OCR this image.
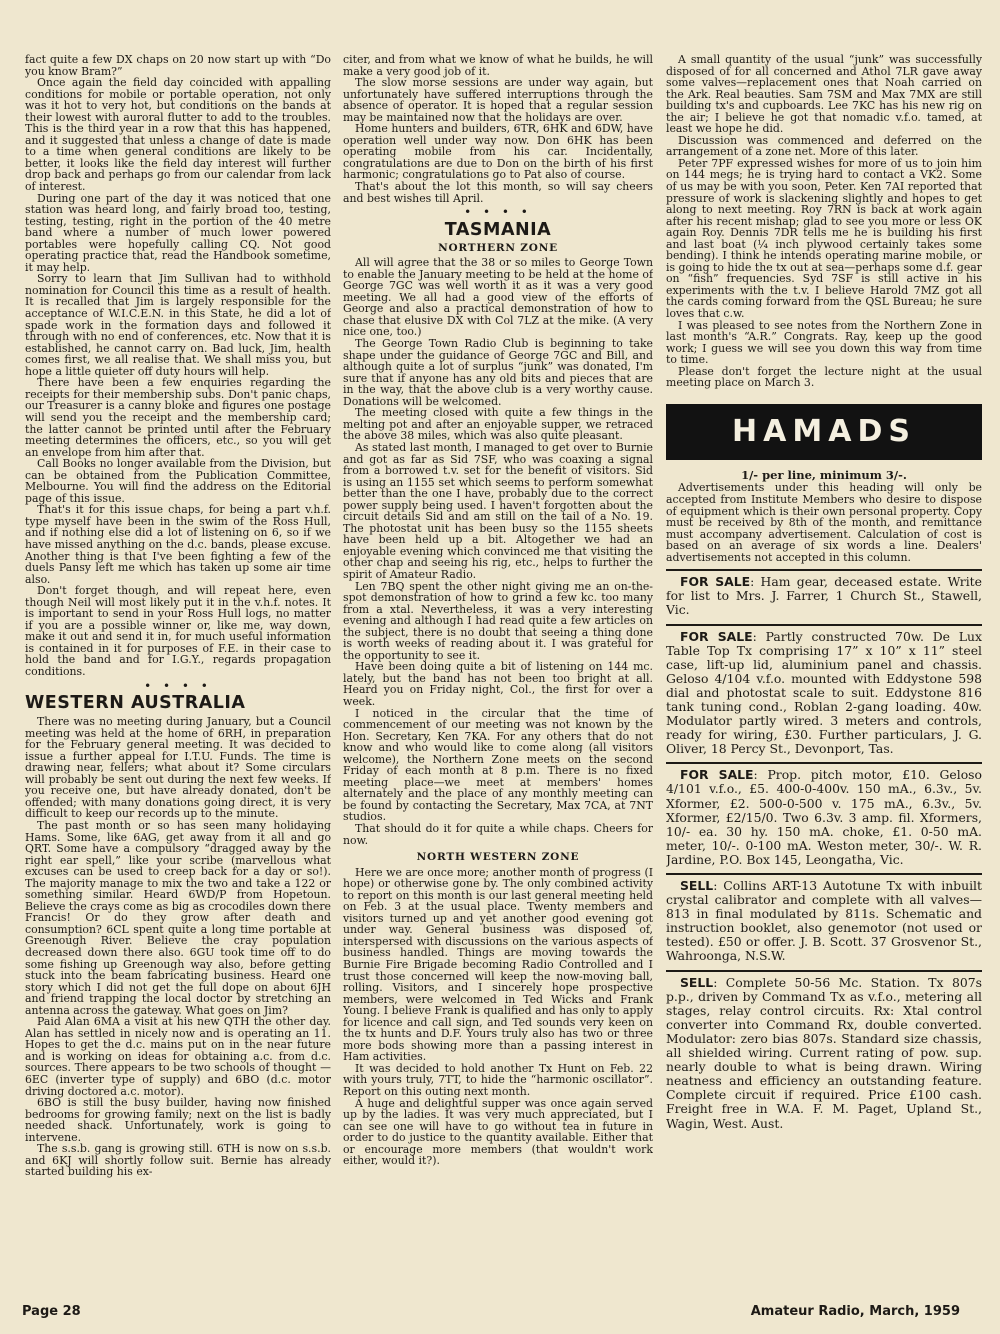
fact quite a few DX chaps on 20 now start up with “Do you know Bram?”

Once again the field day coincided with appalling conditions for mobile or portable operation, not only was it hot to very hot, but conditions on the bands at their lowest with auroral flutter to add to the troubles. This is the third year in a row that this has happened, and it suggested that unless a change of date is made to a time when general conditions are likely to be better, it looks like the field day interest will further drop back and perhaps go from our calendar from lack of interest.

During one part of the day it was noticed that one station was heard long, and fairly broad too, testing, testing, testing, right in the portion of the 40 metre band where a number of much lower powered portables were hopefully calling CQ. Not good operating practice that, read the Handbook sometime, it may help.

Sorry to learn that Jim Sullivan had to withhold nomination for Council this time as a result of health. It is recalled that Jim is largely responsible for the acceptance of W.I.C.E.N. in this State, he did a lot of spade work in the formation days and followed it through with no end of conferences, etc. Now that it is established, he cannot carry on. Bad luck, Jim, health comes first, we all realise that. We shall miss you, but hope a little quieter off duty hours will help.

There have been a few enquiries regarding the receipts for their membership subs. Don't panic chaps, our Treasurer is a canny bloke and figures one postage will send you the receipt and the membership card; the latter cannot be printed until after the February meeting determines the officers, etc., so you will get an envelope from him after that.

Call Books no longer available from the Division, but can be obtained from the Publication Committee, Melbourne. You will find the address on the Editorial page of this issue.

That's it for this issue chaps, for being a part v.h.f. type myself have been in the swim of the Ross Hull, and if nothing else did a lot of listening on 6, so if we have missed anything on the d.c. bands, please excuse. Another thing is that I've been fighting a few of the duels Pansy left me which has taken up some air time also.

Don't forget though, and will repeat here, even though Neil will most likely put it in the v.h.f. notes. It is important to send in your Ross Hull logs, no matter if you are a possible winner or, like me, way down, make it out and send it in, for much useful information is contained in it for purposes of F.E. in their case to hold the band and for I.G.Y., regards propagation conditions.

• • • •
WESTERN AUSTRALIA

There was no meeting during January, but a Council meeting was held at the home of 6RH, in preparation for the February general meeting. It was decided to issue a further appeal for I.T.U. Funds. The time is drawing near, fellers; what about it? Some circulars will probably be sent out during the next few weeks. If you receive one, but have already donated, don't be offended; with many donations going direct, it is very difficult to keep our records up to the minute.

The past month or so has seen many holidaying Hams. Some, like 6AG, get away from it all and go QRT. Some have a compulsory “dragged away by the right ear spell,” like your scribe (marvellous what excuses can be used to creep back for a day or so!). The majority manage to mix the two and take a 122 or something similar. Heard 6WD/P from Hopetoun. Believe the crays come as big as crocodiles down there Francis! Or do they grow after death and consumption? 6CL spent quite a long time portable at Greenough River. Believe the cray population decreased down there also. 6GU took time off to do some fishing up Greenough way also, before getting stuck into the beam fabricating business. Heard one story which I did not get the full dope on about 6JH and friend trapping the local doctor by stretching an antenna across the gateway. What goes on Jim?

Paid Alan 6MA a visit at his new QTH the other day. Alan has settled in nicely now and is operating an 11. Hopes to get the d.c. mains put on in the near future and is working on ideas for obtaining a.c. from d.c. sources. There appears to be two schools of thought —6EC (inverter type of supply) and 6BO (d.c. motor driving doctored a.c. motor).

6BO is still the busy builder, having now finished bedrooms for growing family; next on the list is badly needed shack. Unfortunately, work is going to intervene.

The s.s.b. gang is growing still. 6TH is now on s.s.b. and 6KJ will shortly follow suit. Bernie has already started building his ex-

citer, and from what we know of what he builds, he will make a very good job of it.

The slow morse sessions are under way again, but unfortunately have suffered interruptions through the absence of operator. It is hoped that a regular session may be maintained now that the holidays are over.

Home hunters and builders, 6TR, 6HK and 6DW, have operation well under way now. Don 6HK has been operating mobile from his car. Incidentally, congratulations are due to Don on the birth of his first harmonic; congratulations go to Pat also of course.

That's about the lot this month, so will say cheers and best wishes till April.

• • • •
TASMANIA
NORTHERN ZONE

All will agree that the 38 or so miles to George Town to enable the January meeting to be held at the home of George 7GC was well worth it as it was a very good meeting. We all had a good view of the efforts of George and also a practical demonstration of how to chase that elusive DX with Col 7LZ at the mike. (A very nice one, too.)

The George Town Radio Club is beginning to take shape under the guidance of George 7GC and Bill, and although quite a lot of surplus “junk” was donated, I'm sure that if anyone has any old bits and pieces that are in the way, that the above club is a very worthy cause. Donations will be welcomed.

The meeting closed with quite a few things in the melting pot and after an enjoyable supper, we retraced the above 38 miles, which was also quite pleasant.

As stated last month, I managed to get over to Burnie and got as far as Sid 7SF, who was coaxing a signal from a borrowed t.v. set for the benefit of visitors. Sid is using an 1155 set which seems to perform somewhat better than the one I have, probably due to the correct power supply being used. I haven't forgotten about the circuit details Sid and am still on the tail of a No. 19. The photostat unit has been busy so the 1155 sheets have been held up a bit. Altogether we had an enjoyable evening which convinced me that visiting the other chap and seeing his rig, etc., helps to further the spirit of Amateur Radio.

Len 7BQ spent the other night giving me an on-the-spot demonstration of how to grind a few kc. too many from a xtal. Nevertheless, it was a very interesting evening and although I had read quite a few articles on the subject, there is no doubt that seeing a thing done is worth weeks of reading about it. I was grateful for the opportunity to see it.

Have been doing quite a bit of listening on 144 mc. lately, but the band has not been too bright at all. Heard you on Friday night, Col., the first for over a week.

I noticed in the circular that the time of commencement of our meeting was not known by the Hon. Secretary, Ken 7KA. For any others that do not know and who would like to come along (all visitors welcome), the Northern Zone meets on the second Friday of each month at 8 p.m. There is no fixed meeting place—we meet at members' homes alternately and the place of any monthly meeting can be found by contacting the Secretary, Max 7CA, at 7NT studios.

That should do it for quite a while chaps. Cheers for now.

NORTH WESTERN ZONE

Here we are once more; another month of progress (I hope) or otherwise gone by. The only combined activity to report on this month is our last general meeting held on Feb. 3 at the usual place. Twenty members and visitors turned up and yet another good evening got under way. General business was disposed of, interspersed with discussions on the various aspects of business handled. Things are moving towards the Burnie Fire Brigade becoming Radio Controlled and I trust those concerned will keep the now-moving ball, rolling. Visitors, and I sincerely hope prospective members, were welcomed in Ted Wicks and Frank Young. I believe Frank is qualified and has only to apply for licence and call sign, and Ted sounds very keen on the tx hunts and D.F. Yours truly also has two or three more bods showing more than a passing interest in Ham activities.

It was decided to hold another Tx Hunt on Feb. 22 with yours truly, 7TT, to hide the “harmonic oscillator”. Report on this outing next month.

A huge and delightful supper was once again served up by the ladies. It was very much appreciated, but I can see one will have to go without tea in future in order to do justice to the quantity available. Either that or encourage more members (that wouldn't work either, would it?).

A small quantity of the usual “junk” was successfully disposed of for all concerned and Athol 7LR gave away some valves—replacement ones that Noah carried on the Ark. Real beauties. Sam 7SM and Max 7MX are still building tx's and cupboards. Lee 7KC has his new rig on the air; I believe he got that nomadic v.f.o. tamed, at least we hope he did.

Discussion was commenced and deferred on the arrangement of a zone net. More of this later.

Peter 7PF expressed wishes for more of us to join him on 144 megs; he is trying hard to contact a VK2. Some of us may be with you soon, Peter. Ken 7AI reported that pressure of work is slackening slightly and hopes to get along to next meeting. Roy 7RN is back at work again after his recent mishap; glad to see you more or less OK again Roy. Dennis 7DR tells me he is building his first and last boat (¼ inch plywood certainly takes some bending). I think he intends operating marine mobile, or is going to hide the tx out at sea—perhaps some d.f. gear on “fish” frequencies. Syd 7SF is still active in his experiments with the t.v. I believe Harold 7MZ got all the cards coming forward from the QSL Bureau; he sure loves that c.w.

I was pleased to see notes from the Northern Zone in last month's “A.R.” Congrats. Ray, keep up the good work; I guess we will see you down this way from time to time.

Please don't forget the lecture night at the usual meeting place on March 3.

HAMADS
1/- per line, minimum 3/-.

Advertisements under this heading will only be accepted from Institute Members who desire to dispose of equipment which is their own personal property. Copy must be received by 8th of the month, and remittance must accompany advertisement. Calculation of cost is based on an average of six words a line. Dealers' advertisements not accepted in this column.

FOR SALE: Ham gear, deceased estate. Write for list to Mrs. J. Farrer, 1 Church St., Stawell, Vic.

FOR SALE: Partly constructed 70w. De Lux Table Top Tx comprising 17” x 10” x 11” steel case, lift-up lid, aluminium panel and chassis. Geloso 4/104 v.f.o. mounted with Eddystone 598 dial and photostat scale to suit. Eddystone 816 tank tuning cond., Roblan 2-gang loading. 40w. Modulator partly wired. 3 meters and controls, ready for wiring, £30. Further particulars, J. G. Oliver, 18 Percy St., Devonport, Tas.

FOR SALE: Prop. pitch motor, £10. Geloso 4/101 v.f.o., £5. 400-0-400v. 150 mA., 6.3v., 5v. Xformer, £2. 500-0-500 v. 175 mA., 6.3v., 5v. Xformer, £2/15/0. Two 6.3v. 3 amp. fil. Xformers, 10/- ea. 30 hy. 150 mA. choke, £1. 0-50 mA. meter, 10/-. 0-100 mA. Weston meter, 30/-. W. R. Jardine, P.O. Box 145, Leongatha, Vic.

SELL: Collins ART-13 Autotune Tx with inbuilt crystal calibrator and complete with all valves—813 in final modulated by 811s. Schematic and instruction booklet, also genemotor (not used or tested). £50 or offer. J. B. Scott. 37 Grosvenor St., Wahroonga, N.S.W.

SELL: Complete 50-56 Mc. Station. Tx 807s p.p., driven by Command Tx as v.f.o., metering all stages, relay control circuits. Rx: Xtal control converter into Command Rx, double converted. Modulator: zero bias 807s. Standard size chassis, all shielded wiring. Current rating of pow. sup. nearly double to what is being drawn. Wiring neatness and efficiency an outstanding feature. Complete circuit if required. Price £100 cash. Freight free in W.A. F. M. Paget, Upland St., Wagin, West. Aust.

Page 28	Amateur Radio, March, 1959
